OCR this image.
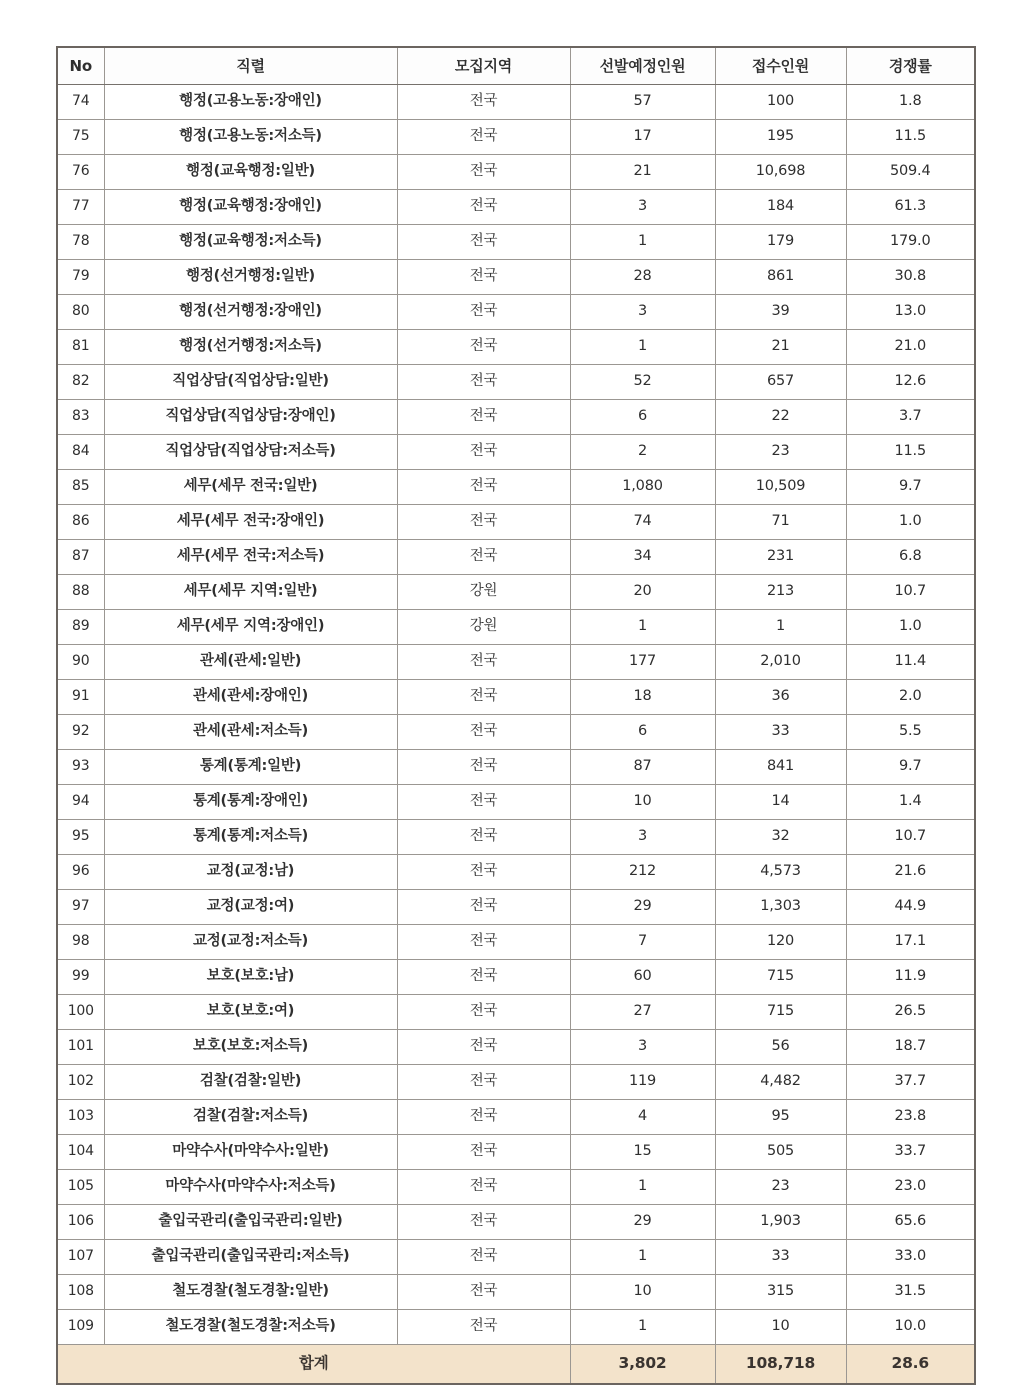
No	직렬	모집지역	선발예정인원	접수인원	경쟁률
74	행정(고용노동:장애인)	전국	57	100	1.8
75	행정(고용노동:저소득)	전국	17	195	11.5
76	행정(교육행정:일반)	전국	21	10,698	509.4
77	행정(교육행정:장애인)	전국	3	184	61.3
78	행정(교육행정:저소득)	전국	1	179	179.0
79	행정(선거행정:일반)	전국	28	861	30.8
80	행정(선거행정:장애인)	전국	3	39	13.0
81	행정(선거행정:저소득)	전국	1	21	21.0
82	직업상담(직업상담:일반)	전국	52	657	12.6
83	직업상담(직업상담:장애인)	전국	6	22	3.7
84	직업상담(직업상담:저소득)	전국	2	23	11.5
85	세무(세무 전국:일반)	전국	1,080	10,509	9.7
86	세무(세무 전국:장애인)	전국	74	71	1.0
87	세무(세무 전국:저소득)	전국	34	231	6.8
88	세무(세무 지역:일반)	강원	20	213	10.7
89	세무(세무 지역:장애인)	강원	1	1	1.0
90	관세(관세:일반)	전국	177	2,010	11.4
91	관세(관세:장애인)	전국	18	36	2.0
92	관세(관세:저소득)	전국	6	33	5.5
93	통계(통계:일반)	전국	87	841	9.7
94	통계(통계:장애인)	전국	10	14	1.4
95	통계(통계:저소득)	전국	3	32	10.7
96	교정(교정:남)	전국	212	4,573	21.6
97	교정(교정:여)	전국	29	1,303	44.9
98	교정(교정:저소득)	전국	7	120	17.1
99	보호(보호:남)	전국	60	715	11.9
100	보호(보호:여)	전국	27	715	26.5
101	보호(보호:저소득)	전국	3	56	18.7
102	검찰(검찰:일반)	전국	119	4,482	37.7
103	검찰(검찰:저소득)	전국	4	95	23.8
104	마약수사(마약수사:일반)	전국	15	505	33.7
105	마약수사(마약수사:저소득)	전국	1	23	23.0
106	출입국관리(출입국관리:일반)	전국	29	1,903	65.6
107	출입국관리(출입국관리:저소득)	전국	1	33	33.0
108	철도경찰(철도경찰:일반)	전국	10	315	31.5
109	철도경찰(철도경찰:저소득)	전국	1	10	10.0
합계			3,802	108,718	28.6
